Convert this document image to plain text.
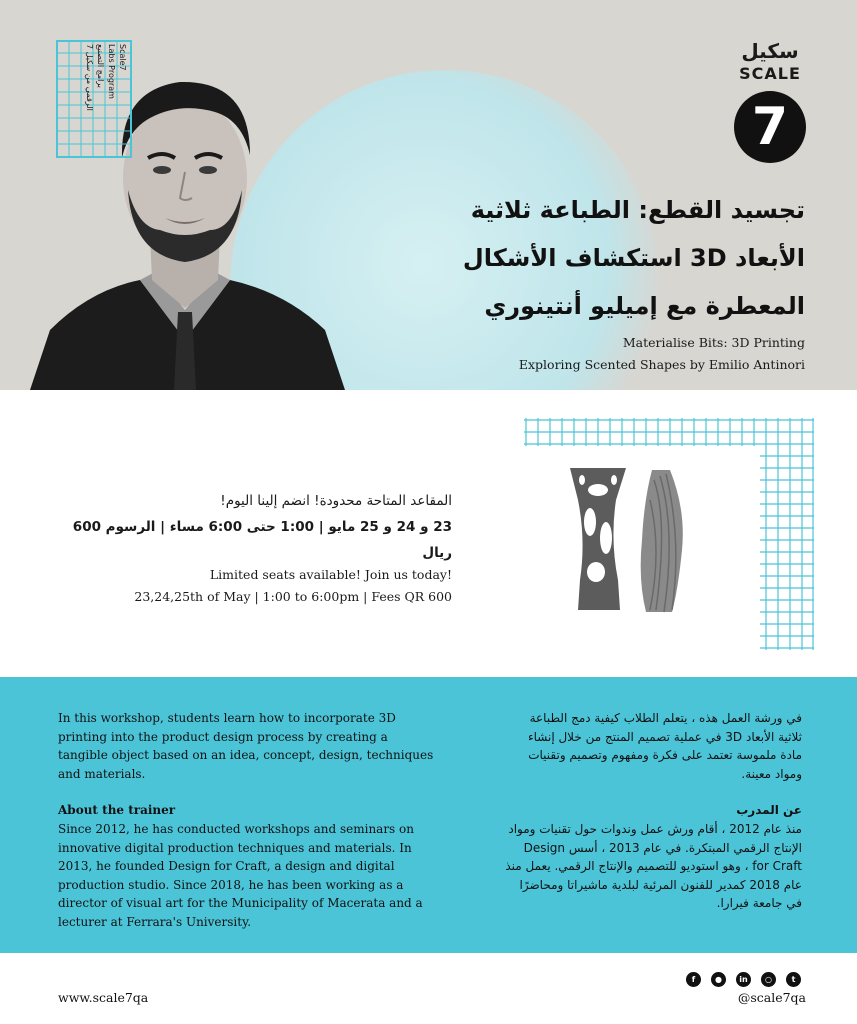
Scale7
Labs Program
برامج التصنيع
الرقمي من سكيل 7	سكيل
SCALE
7
تجسيد القطع: الطباعة ثلاثية
الأبعاد 3D استكشاف الأشكال
المعطرة مع إميليو أنتينوري
Materialise Bits: 3D Printing
Exploring Scented Shapes by Emilio Antinori
المقاعد المتاحة محدودة! انضم إلينا اليوم!
23 و 24 و 25 مايو | 1:00 حتى 6:00 مساء | الرسوم 600 ريال
Limited seats available! Join us today!
23,24,25th of May | 1:00 to 6:00pm | Fees QR 600

In this workshop, students learn how to incorporate 3D printing into the product design process by creating a tangible object based on an idea, concept, design, techniques and materials.

About the trainer
Since 2012, he has conducted workshops and seminars on innovative digital production techniques and materials. In 2013, he founded Design for Craft, a design and digital production studio. Since 2018, he has been working as a director of visual art for the Municipality of Macerata and a lecturer at Ferrara's University.

في ورشة العمل هذه ، يتعلم الطلاب كيفية دمج الطباعة ثلاثية الأبعاد 3D في عملية تصميم المنتج من خلال إنشاء مادة ملموسة تعتمد على فكرة ومفهوم وتصميم وتقنيات ومواد معينة.

عن المدرب
منذ عام 2012 ، أقام ورش عمل وندوات حول تقنيات ومواد الإنتاج الرقمي المبتكرة. في عام 2013 ، أسس Design for Craft ، وهو استوديو للتصميم والإنتاج الرقمي. يعمل منذ عام 2018 كمدير للفنون المرئية لبلدية ماشيراتا ومحاضرًا في جامعة فيرارا.
www.scale7qa
f	●	in	○	t
@scale7qa
